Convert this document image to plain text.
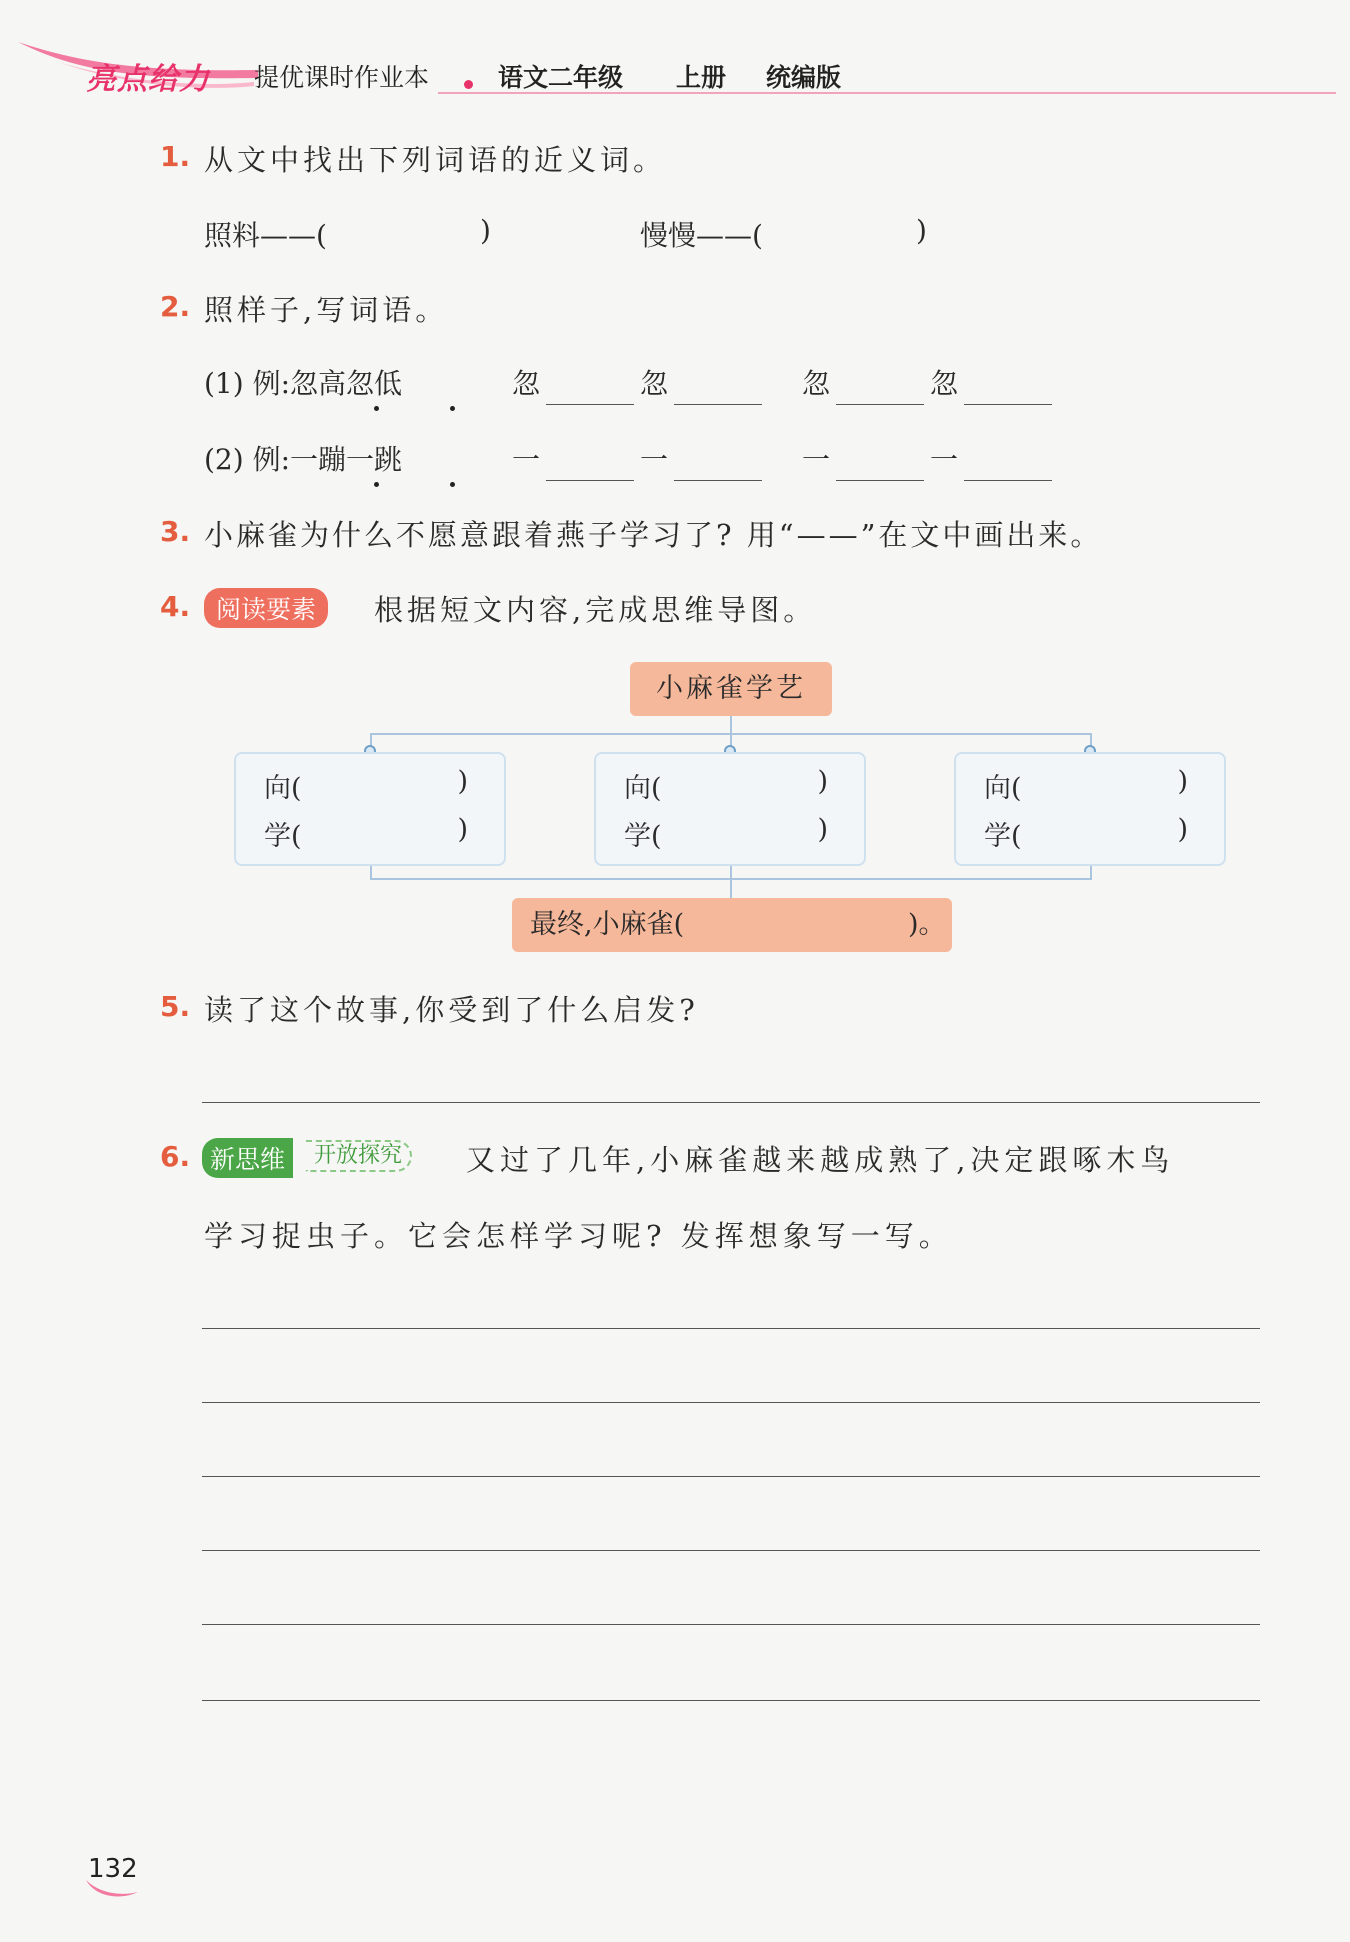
亮点给力 提优课时作业本	语文二年级 上册 统编版
1. 从文中找出下列词语的近义词。
照料——(	)	慢慢——(	)
2. 照样子,写词语。
(1) 例:忽高忽低	忽	忽	忽	忽
(2) 例:一蹦一跳	一	一	一	一
3. 小麻雀为什么不愿意跟着燕子学习了? 用“——”在文中画出来。
4.	阅读要素	根据短文内容,完成思维导图。
小麻雀学艺
向(	)
学(	)
向(	)
学(	)
向(	)
学(	)
最终,小麻雀(	)。
5. 读了这个故事,你受到了什么启发?
6. 新思维	开放探究	又过了几年,小麻雀越来越成熟了,决定跟啄木鸟
学习捉虫子。它会怎样学习呢? 发挥想象写一写。
132
